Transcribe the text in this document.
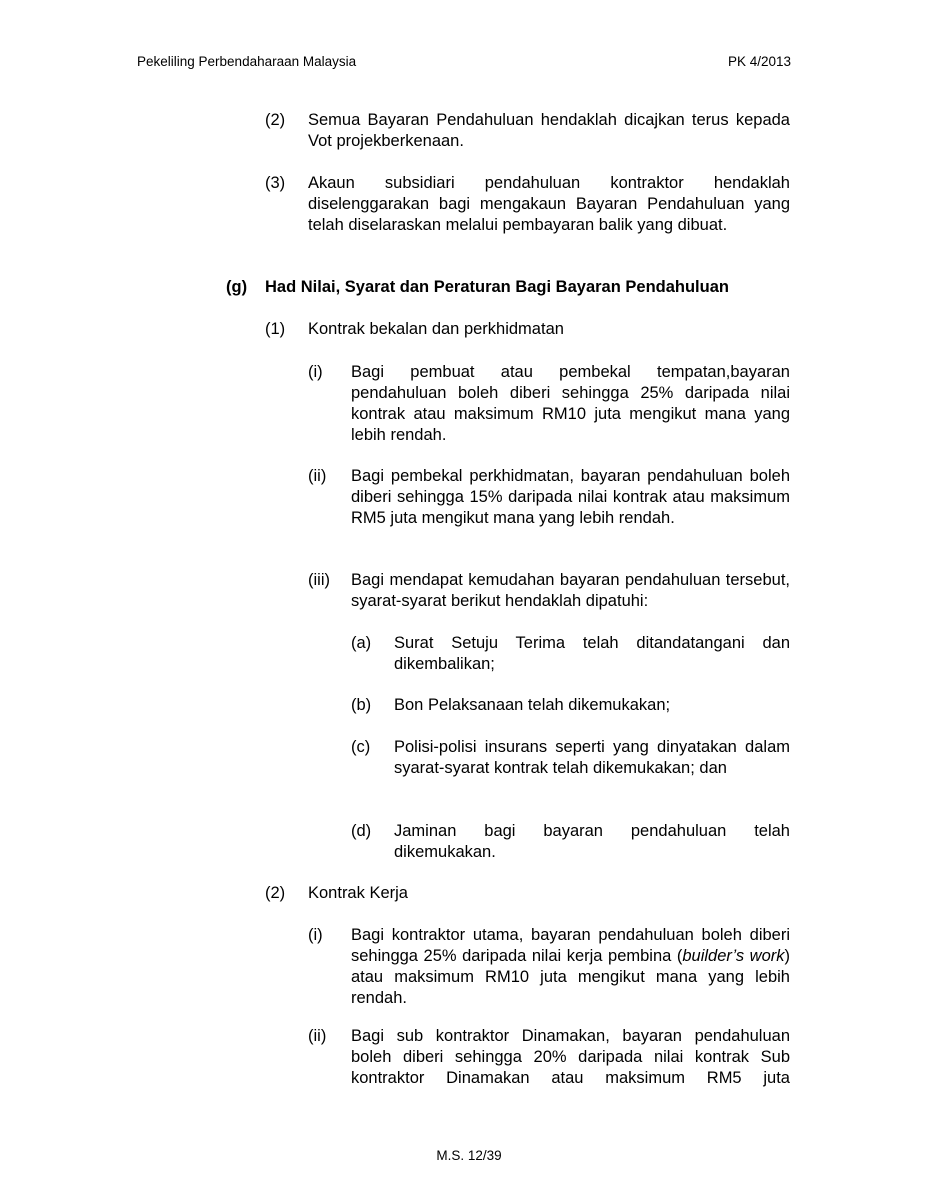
Pekeliling Perbendaharaan Malaysia	PK 4/2013
(2) Semua Bayaran Pendahuluan hendaklah dicajkan terus kepada Vot projekberkenaan.
(3) Akaun subsidiari pendahuluan kontraktor hendaklah diselenggarakan bagi mengakaun Bayaran Pendahuluan yang telah diselaraskan melalui pembayaran balik yang dibuat.
(g) Had Nilai, Syarat dan Peraturan Bagi Bayaran Pendahuluan
(1) Kontrak bekalan dan perkhidmatan
(i) Bagi pembuat atau pembekal tempatan,bayaran pendahuluan boleh diberi sehingga 25% daripada nilai kontrak atau maksimum RM10 juta mengikut mana yang lebih rendah.
(ii) Bagi pembekal perkhidmatan, bayaran pendahuluan boleh diberi sehingga 15% daripada nilai kontrak atau maksimum RM5 juta mengikut mana yang lebih rendah.
(iii) Bagi mendapat kemudahan bayaran pendahuluan tersebut, syarat-syarat berikut hendaklah dipatuhi:
(a) Surat Setuju Terima telah ditandatangani dan dikembalikan;
(b) Bon Pelaksanaan telah dikemukakan;
(c) Polisi-polisi insurans seperti yang dinyatakan dalam syarat-syarat kontrak telah dikemukakan; dan
(d) Jaminan bagi bayaran pendahuluan telah dikemukakan.
(2) Kontrak Kerja
(i) Bagi kontraktor utama, bayaran pendahuluan boleh diberi sehingga 25% daripada nilai kerja pembina (builder’s work) atau maksimum RM10 juta mengikut mana yang lebih rendah.
(ii) Bagi sub kontraktor Dinamakan, bayaran pendahuluan boleh diberi sehingga 20% daripada nilai kontrak Sub kontraktor Dinamakan atau maksimum RM5 juta
M.S. 12/39
